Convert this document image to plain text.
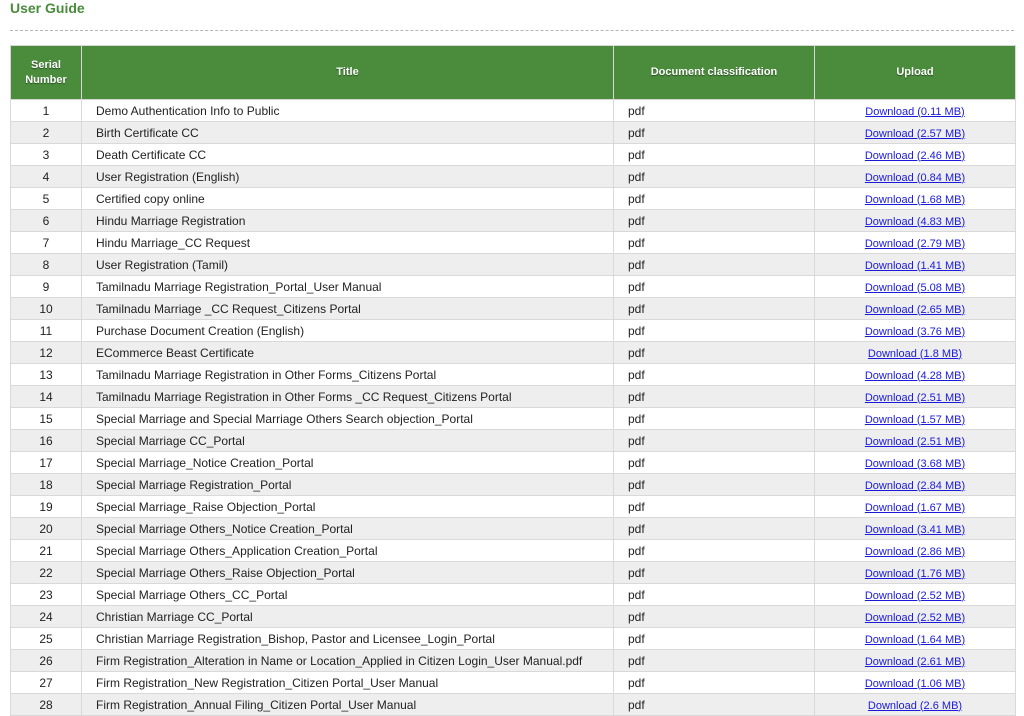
User Guide
Serial Number	Title	Document classification	Upload
1	Demo Authentication Info to Public	pdf	Download (0.11 MB)
2	Birth Certificate CC	pdf	Download (2.57 MB)
3	Death Certificate CC	pdf	Download (2.46 MB)
4	User Registration (English)	pdf	Download (0.84 MB)
5	Certified copy online	pdf	Download (1.68 MB)
6	Hindu Marriage Registration	pdf	Download (4.83 MB)
7	Hindu Marriage_CC Request	pdf	Download (2.79 MB)
8	User Registration (Tamil)	pdf	Download (1.41 MB)
9	Tamilnadu Marriage Registration_Portal_User Manual	pdf	Download (5.08 MB)
10	Tamilnadu Marriage _CC Request_Citizens Portal	pdf	Download (2.65 MB)
11	Purchase Document Creation (English)	pdf	Download (3.76 MB)
12	ECommerce Beast Certificate	pdf	Download (1.8 MB)
13	Tamilnadu Marriage Registration in Other Forms_Citizens Portal	pdf	Download (4.28 MB)
14	Tamilnadu Marriage Registration in Other Forms _CC Request_Citizens Portal	pdf	Download (2.51 MB)
15	Special Marriage and Special Marriage Others Search objection_Portal	pdf	Download (1.57 MB)
16	Special Marriage CC_Portal	pdf	Download (2.51 MB)
17	Special Marriage_Notice Creation_Portal	pdf	Download (3.68 MB)
18	Special Marriage Registration_Portal	pdf	Download (2.84 MB)
19	Special Marriage_Raise Objection_Portal	pdf	Download (1.67 MB)
20	Special Marriage Others_Notice Creation_Portal	pdf	Download (3.41 MB)
21	Special Marriage Others_Application Creation_Portal	pdf	Download (2.86 MB)
22	Special Marriage Others_Raise Objection_Portal	pdf	Download (1.76 MB)
23	Special Marriage Others_CC_Portal	pdf	Download (2.52 MB)
24	Christian Marriage CC_Portal	pdf	Download (2.52 MB)
25	Christian Marriage Registration_Bishop, Pastor and Licensee_Login_Portal	pdf	Download (1.64 MB)
26	Firm Registration_Alteration in Name or Location_Applied in Citizen Login_User Manual.pdf	pdf	Download (2.61 MB)
27	Firm Registration_New Registration_Citizen Portal_User Manual	pdf	Download (1.06 MB)
28	Firm Registration_Annual Filing_Citizen Portal_User Manual	pdf	Download (2.6 MB)
